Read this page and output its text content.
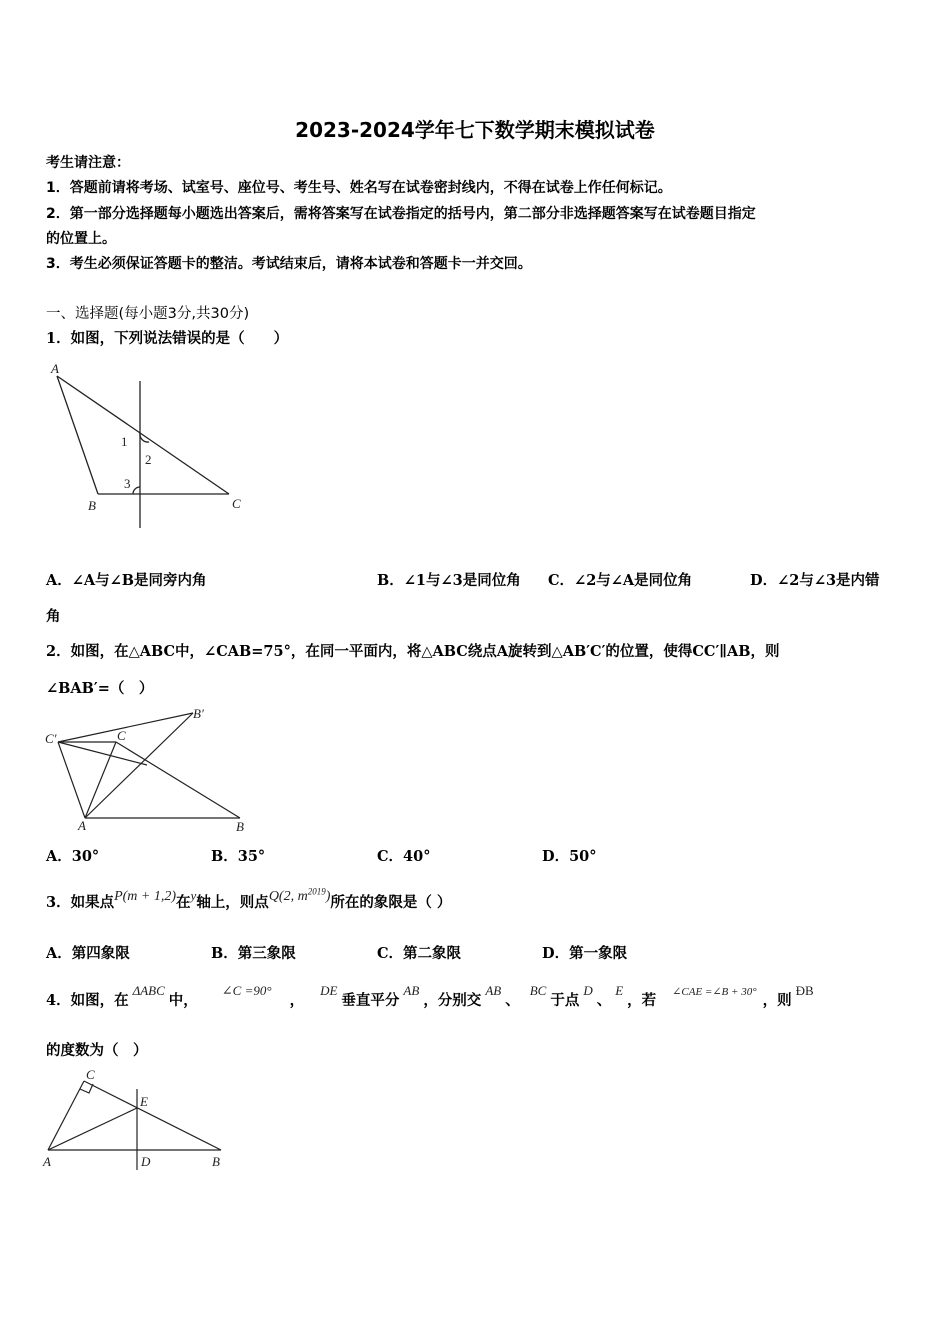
2023-2024学年七下数学期末模拟试卷
考生请注意：
1．答题前请将考场、试室号、座位号、考生号、姓名写在试卷密封线内，不得在试卷上作任何标记。
2．第一部分选择题每小题选出答案后，需将答案写在试卷指定的括号内，第二部分非选择题答案写在试卷题目指定
的位置上。
3．考生必须保证答题卡的整洁。考试结束后，请将本试卷和答题卡一并交回。
一、选择题(每小题3分,共30分)
1．如图，下列说法错误的是（　　）
A
B	C
1
2
3
A．∠A与∠B是同旁内角	B．∠1与∠3是同位角 C．∠2与∠A是同位角	D．∠2与∠3是内错
角
2．如图，在△ABC中，∠CAB=75°，在同一平面内，将△ABC绕点A旋转到△AB′C′的位置，使得CC′∥AB，则
∠BAB′=（　）
C′	C
B′
A	B
A．30°	B．35°	C．40°	D．50°
3．如果点P(m + 1,2)在y轴上，则点Q(2, $m^{2019}$)所在的象限是（ ）
A．第四象限	B．第三象限	C．第二象限	D．第一象限
4．如图，在ΔABC中，∠C =90°，DE垂直平分AB，分别交AB、BC于点D、E，若 $^{\angle CAE =\angle B + 30^\circ}$ ，则ÐB
的度数为（　）
C
E
A	D	B
